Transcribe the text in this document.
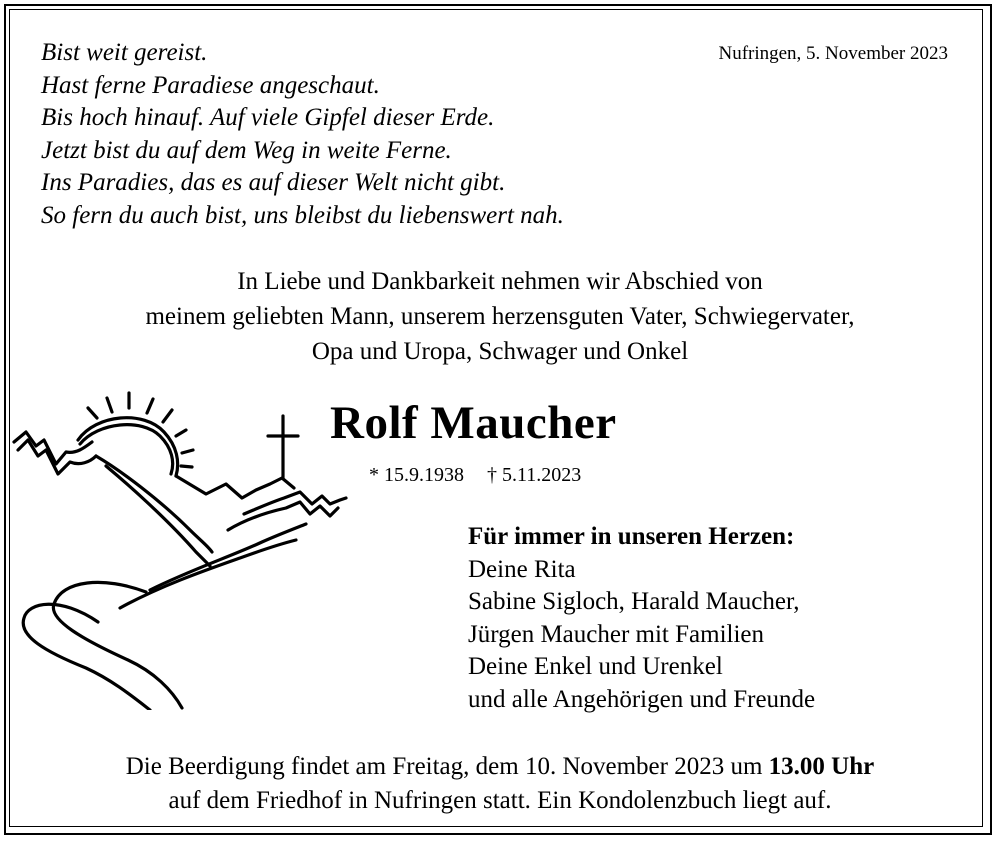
Bist weit gereist.
Hast ferne Paradiese angeschaut.
Bis hoch hinauf. Auf viele Gipfel dieser Erde.
Jetzt bist du auf dem Weg in weite Ferne.
Ins Paradies, das es auf dieser Welt nicht gibt.
So fern du auch bist, uns bleibst du liebenswert nah.
Nufringen, 5. November 2023
In Liebe und Dankbarkeit nehmen wir Abschied von
meinem geliebten Mann, unserem herzensguten Vater, Schwiegervater,
Opa und Uropa, Schwager und Onkel
Rolf Maucher
* 15.9.1938 † 5.11.2023
Für immer in unseren Herzen:
Deine Rita
Sabine Sigloch, Harald Maucher,
Jürgen Maucher mit Familien
Deine Enkel und Urenkel
und alle Angehörigen und Freunde
Die Beerdigung findet am Freitag, dem 10. November 2023 um 13.00 Uhr
auf dem Friedhof in Nufringen statt. Ein Kondolenzbuch liegt auf.
